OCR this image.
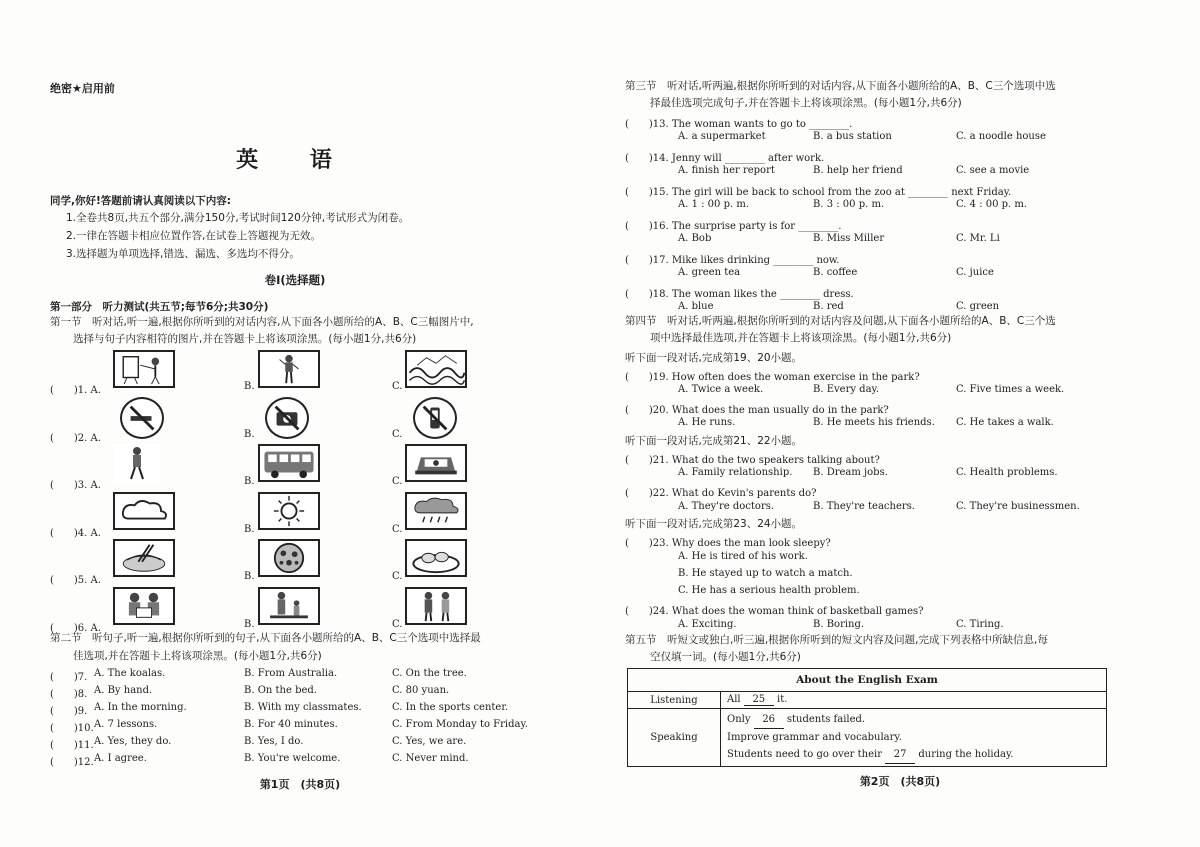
绝密★启用前
英 语
同学,你好!答题前请认真阅读以下内容:
1.全卷共8页,共五个部分,满分150分,考试时间120分钟,考试形式为闭卷。
2.一律在答题卡相应位置作答,在试卷上答题视为无效。
3.选择题为单项选择,错选、漏选、多选均不得分。
卷Ⅰ(选择题)
第一部分　听力测试(共五节;每节6分;共30分)
第一节　听对话,听一遍,根据你所听到的对话内容,从下面各小题所给的A、B、C三幅图片中,
选择与句子内容相符的图片,并在答题卡上将该项涂黑。(每小题1分,共6分)
(　　)1. A.	B.	C.
(　　)2. A.	B.	C.
(　　)3. A.	B.	C.
(　　)4. A.	B.	C.
(　　)5. A.	B.	C.
(　　)6. A.	B.	C.
第二节　听句子,听一遍,根据你所听到的句子,从下面各小题所给的A、B、C三个选项中选择最
佳选项,并在答题卡上将该项涂黑。(每小题1分,共6分)
(　　)7. A. The koalas.	B. From Australia.	C. On the tree.
(　　)8. A. By hand.	B. On the bed.	C. 80 yuan.
(　　)9. A. In the morning.	B. With my classmates.	C. In the sports center.
(　　)10. A. 7 lessons.	B. For 40 minutes.	C. From Monday to Friday.
(　　)11. A. Yes, they do.	B. Yes, I do.	C. Yes, we are.
(　　)12. A. I agree.	B. You're welcome.	C. Never mind.
第1页　(共8页)
第三节　听对话,听两遍,根据你所听到的对话内容,从下面各小题所给的A、B、C三个选项中选
择最佳选项完成句子,并在答题卡上将该项涂黑。(每小题1分,共6分)
(　　)13. The woman wants to go to ________.
A. a supermarket	B. a bus station	C. a noodle house
(　　)14. Jenny will ________ after work.
A. finish her report	B. help her friend	C. see a movie
(　　)15. The girl will be back to school from the zoo at ________ next Friday.
A. 1 : 00 p. m.	B. 3 : 00 p. m.	C. 4 : 00 p. m.
(　　)16. The surprise party is for ________.
A. Bob	B. Miss Miller	C. Mr. Li
(　　)17. Mike likes drinking ________ now.
A. green tea	B. coffee	C. juice
(　　)18. The woman likes the ________ dress.
A. blue	B. red	C. green
第四节　听对话,听两遍,根据你所听到的对话内容及问题,从下面各小题所给的A、B、C三个选
项中选择最佳选项,并在答题卡上将该项涂黑。(每小题1分,共6分)
听下面一段对话,完成第19、20小题。
(　　)19. How often does the woman exercise in the park?
A. Twice a week.	B. Every day.	C. Five times a week.
(　　)20. What does the man usually do in the park?
A. He runs.	B. He meets his friends. C. He takes a walk.
听下面一段对话,完成第21、22小题。
(　　)21. What do the two speakers talking about?
A. Family relationship. B. Dream jobs.	C. Health problems.
(　　)22. What do Kevin's parents do?
A. They're doctors.	B. They're teachers.	C. They're businessmen.
听下面一段对话,完成第23、24小题。
(　　)23. Why does the man look sleepy?
A. He is tired of his work.
B. He stayed up to watch a match.
C. He has a serious health problem.
(　　)24. What does the woman think of basketball games?
A. Exciting.	B. Boring.	C. Tiring.
第五节　听短文或独白,听三遍,根据你所听到的短文内容及问题,完成下列表格中所缺信息,每
空仅填一词。(每小题1分,共6分)
第2页　(共8页)
About the English Exam	
Listening	All 25 it.
Speaking	Only 26 students failed.
Improve grammar and vocabulary.
Students need to go over their 27 during the holiday.
